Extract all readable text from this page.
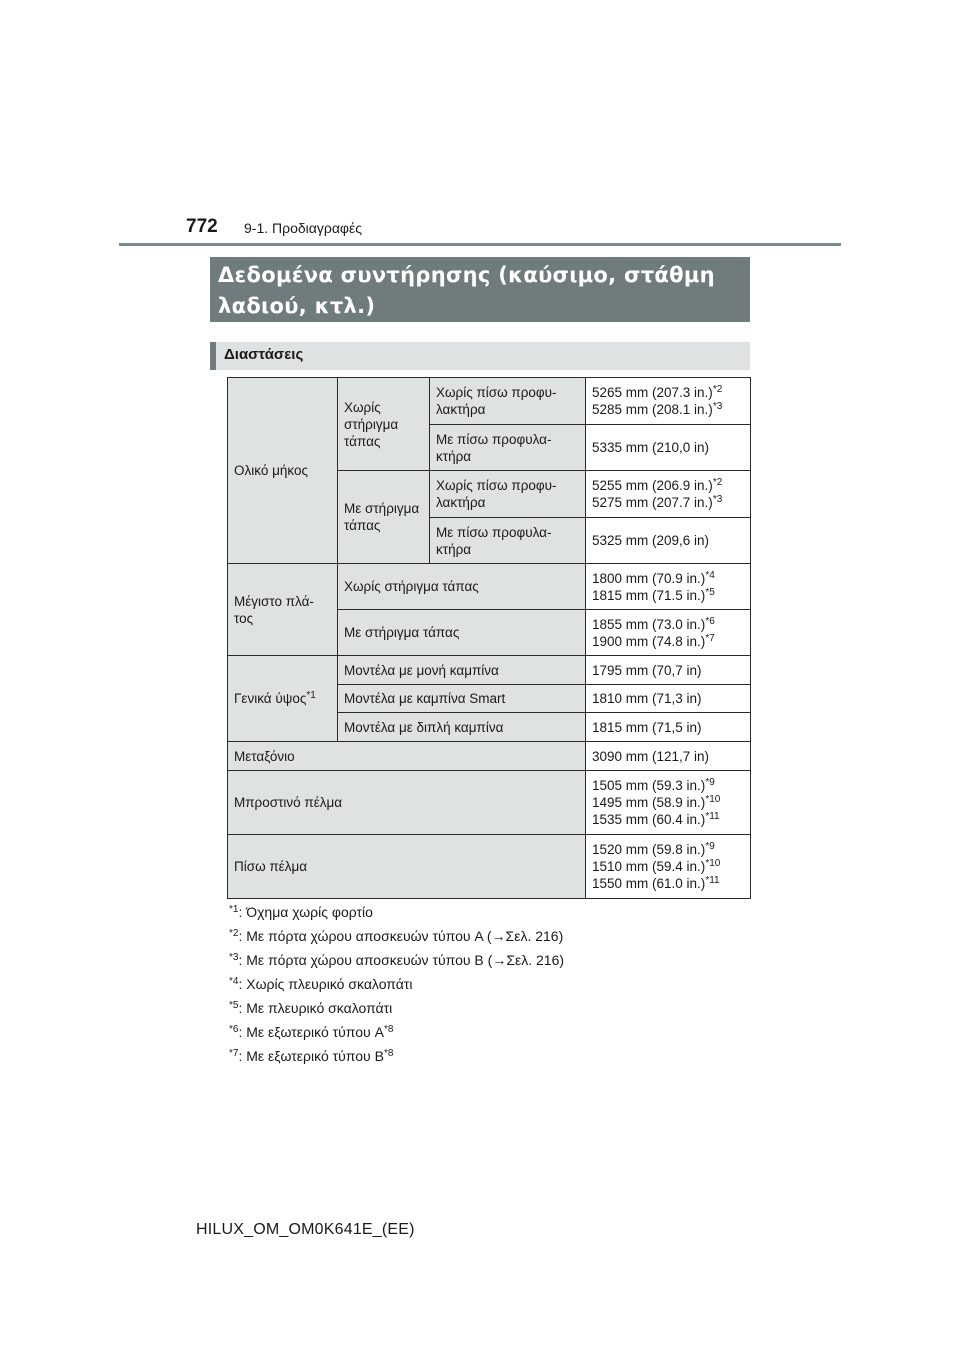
772 9-1. Προδιαγραφές
Δεδομένα συντήρησης (καύσιμο, στάθμη
λαδιού, κτλ.)
Διαστάσεις
Ολικό μήκος	Χωρίς στήριγμα τάπας	Χωρίς πίσω προφυ-λακτήρα	5265 mm (207.3 in.)$^{*2}$
5285 mm (208.1 in.)$^{*3}$
		Με πίσω προφυλα-κτήρα	5335 mm (210,0 in)
	Με στήριγμα τάπας	Χωρίς πίσω προφυ-λακτήρα	5255 mm (206.9 in.)$^{*2}$
5275 mm (207.7 in.)$^{*3}$
		Με πίσω προφυλα-κτήρα	5325 mm (209,6 in)
Μέγιστο πλά-τος	Χωρίς στήριγμα τάπας		1800 mm (70.9 in.)$^{*4}$
1815 mm (71.5 in.)$^{*5}$
	Με στήριγμα τάπας		1855 mm (73.0 in.)$^{*6}$
1900 mm (74.8 in.)$^{*7}$
Γενικά ύψος$^{*1}$	Μοντέλα με μονή καμπίνα		1795 mm (70,7 in)
	Μοντέλα με καμπίνα Smart		1810 mm (71,3 in)
	Μοντέλα με διπλή καμπίνα		1815 mm (71,5 in)
Μεταξόνιο			3090 mm (121,7 in)
Μπροστινό πέλμα			1505 mm (59.3 in.)$^{*9}$
1495 mm (58.9 in.)$^{*10}$
1535 mm (60.4 in.)$^{*11}$
Πίσω πέλμα			1520 mm (59.8 in.)$^{*9}$
1510 mm (59.4 in.)$^{*10}$
1550 mm (61.0 in.)$^{*11}$
$^{*1}$: Όχημα χωρίς φορτίο
$^{*2}$: Με πόρτα χώρου αποσκευών τύπου A (→Σελ. 216)
$^{*3}$: Με πόρτα χώρου αποσκευών τύπου B (→Σελ. 216)
$^{*4}$: Χωρίς πλευρικό σκαλοπάτι
$^{*5}$: Με πλευρικό σκαλοπάτι
$^{*6}$: Με εξωτερικό τύπου $A^{*8}$
$^{*7}$: Με εξωτερικό τύπου $B^{*8}$
HILUX_OM_OM0K641E_(EE)
